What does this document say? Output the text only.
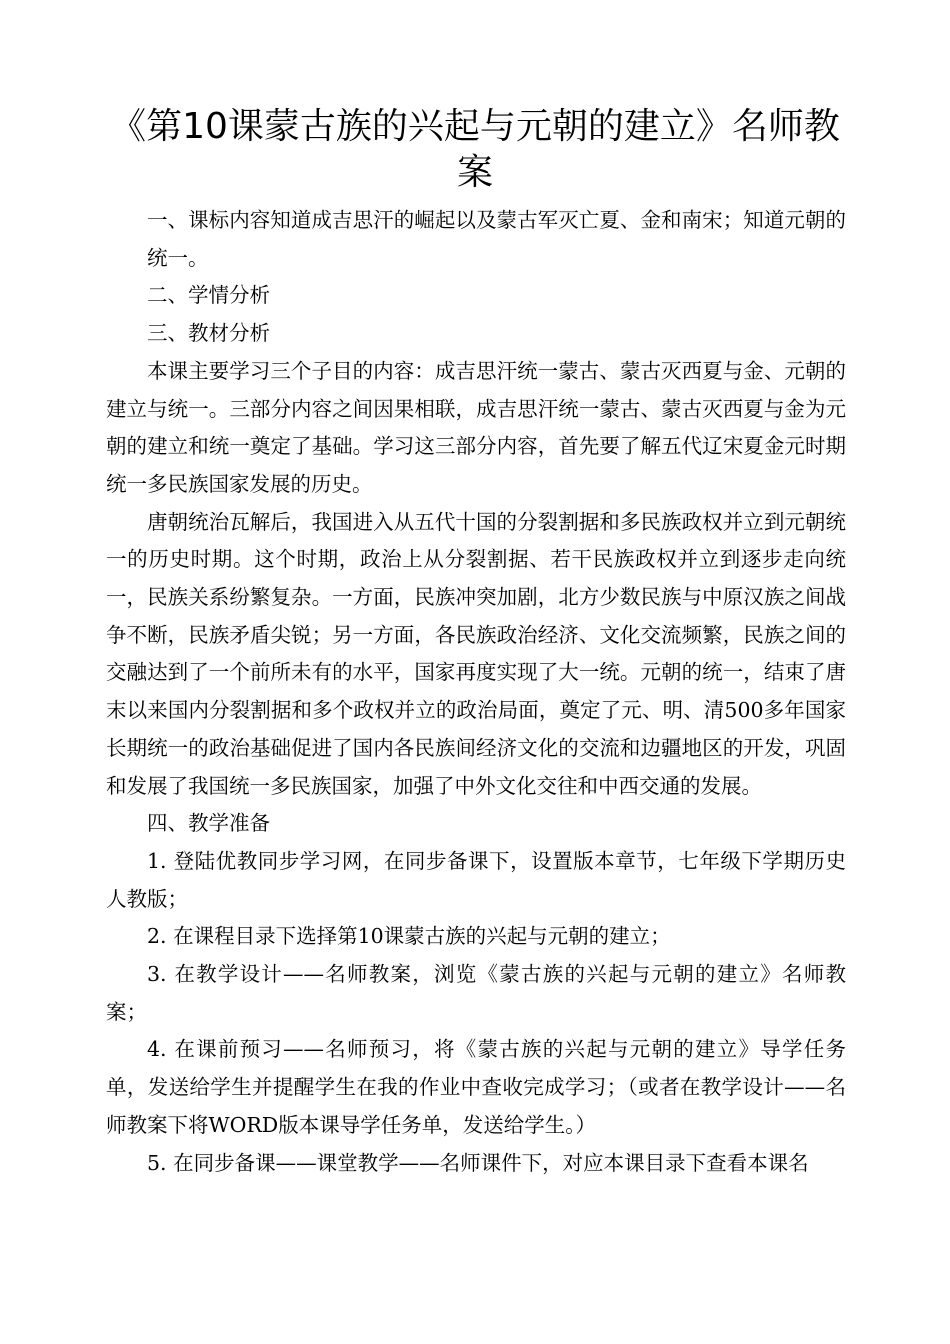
《第10课蒙古族的兴起与元朝的建立》名师教案

一、课标内容知道成吉思汗的崛起以及蒙古军灭亡夏、金和南宋；知道元朝的统一。

二、学情分析

三、教材分析

本课主要学习三个子目的内容：成吉思汗统一蒙古、蒙古灭西夏与金、元朝的建立与统一。三部分内容之间因果相联，成吉思汗统一蒙古、蒙古灭西夏与金为元朝的建立和统一奠定了基础。学习这三部分内容，首先要了解五代辽宋夏金元时期统一多民族国家发展的历史。

唐朝统治瓦解后，我国进入从五代十国的分裂割据和多民族政权并立到元朝统一的历史时期。这个时期，政治上从分裂割据、若干民族政权并立到逐步走向统一，民族关系纷繁复杂。一方面，民族冲突加剧，北方少数民族与中原汉族之间战争不断，民族矛盾尖锐；另一方面，各民族政治经济、文化交流频繁，民族之间的交融达到了一个前所未有的水平，国家再度实现了大一统。元朝的统一，结束了唐末以来国内分裂割据和多个政权并立的政治局面，奠定了元、明、清500多年国家长期统一的政治基础促进了国内各民族间经济文化的交流和边疆地区的开发，巩固和发展了我国统一多民族国家，加强了中外文化交往和中西交通的发展。

四、教学准备

1. 登陆优教同步学习网，在同步备课下，设置版本章节，七年级下学期历史人教版；

2. 在课程目录下选择第10课蒙古族的兴起与元朝的建立；

3. 在教学设计——名师教案，浏览《蒙古族的兴起与元朝的建立》名师教案；

4. 在课前预习——名师预习，将《蒙古族的兴起与元朝的建立》导学任务单，发送给学生并提醒学生在我的作业中查收完成学习；（或者在教学设计——名师教案下将WORD版本课导学任务单，发送给学生。）

5. 在同步备课——课堂教学——名师课件下，对应本课目录下查看本课名
